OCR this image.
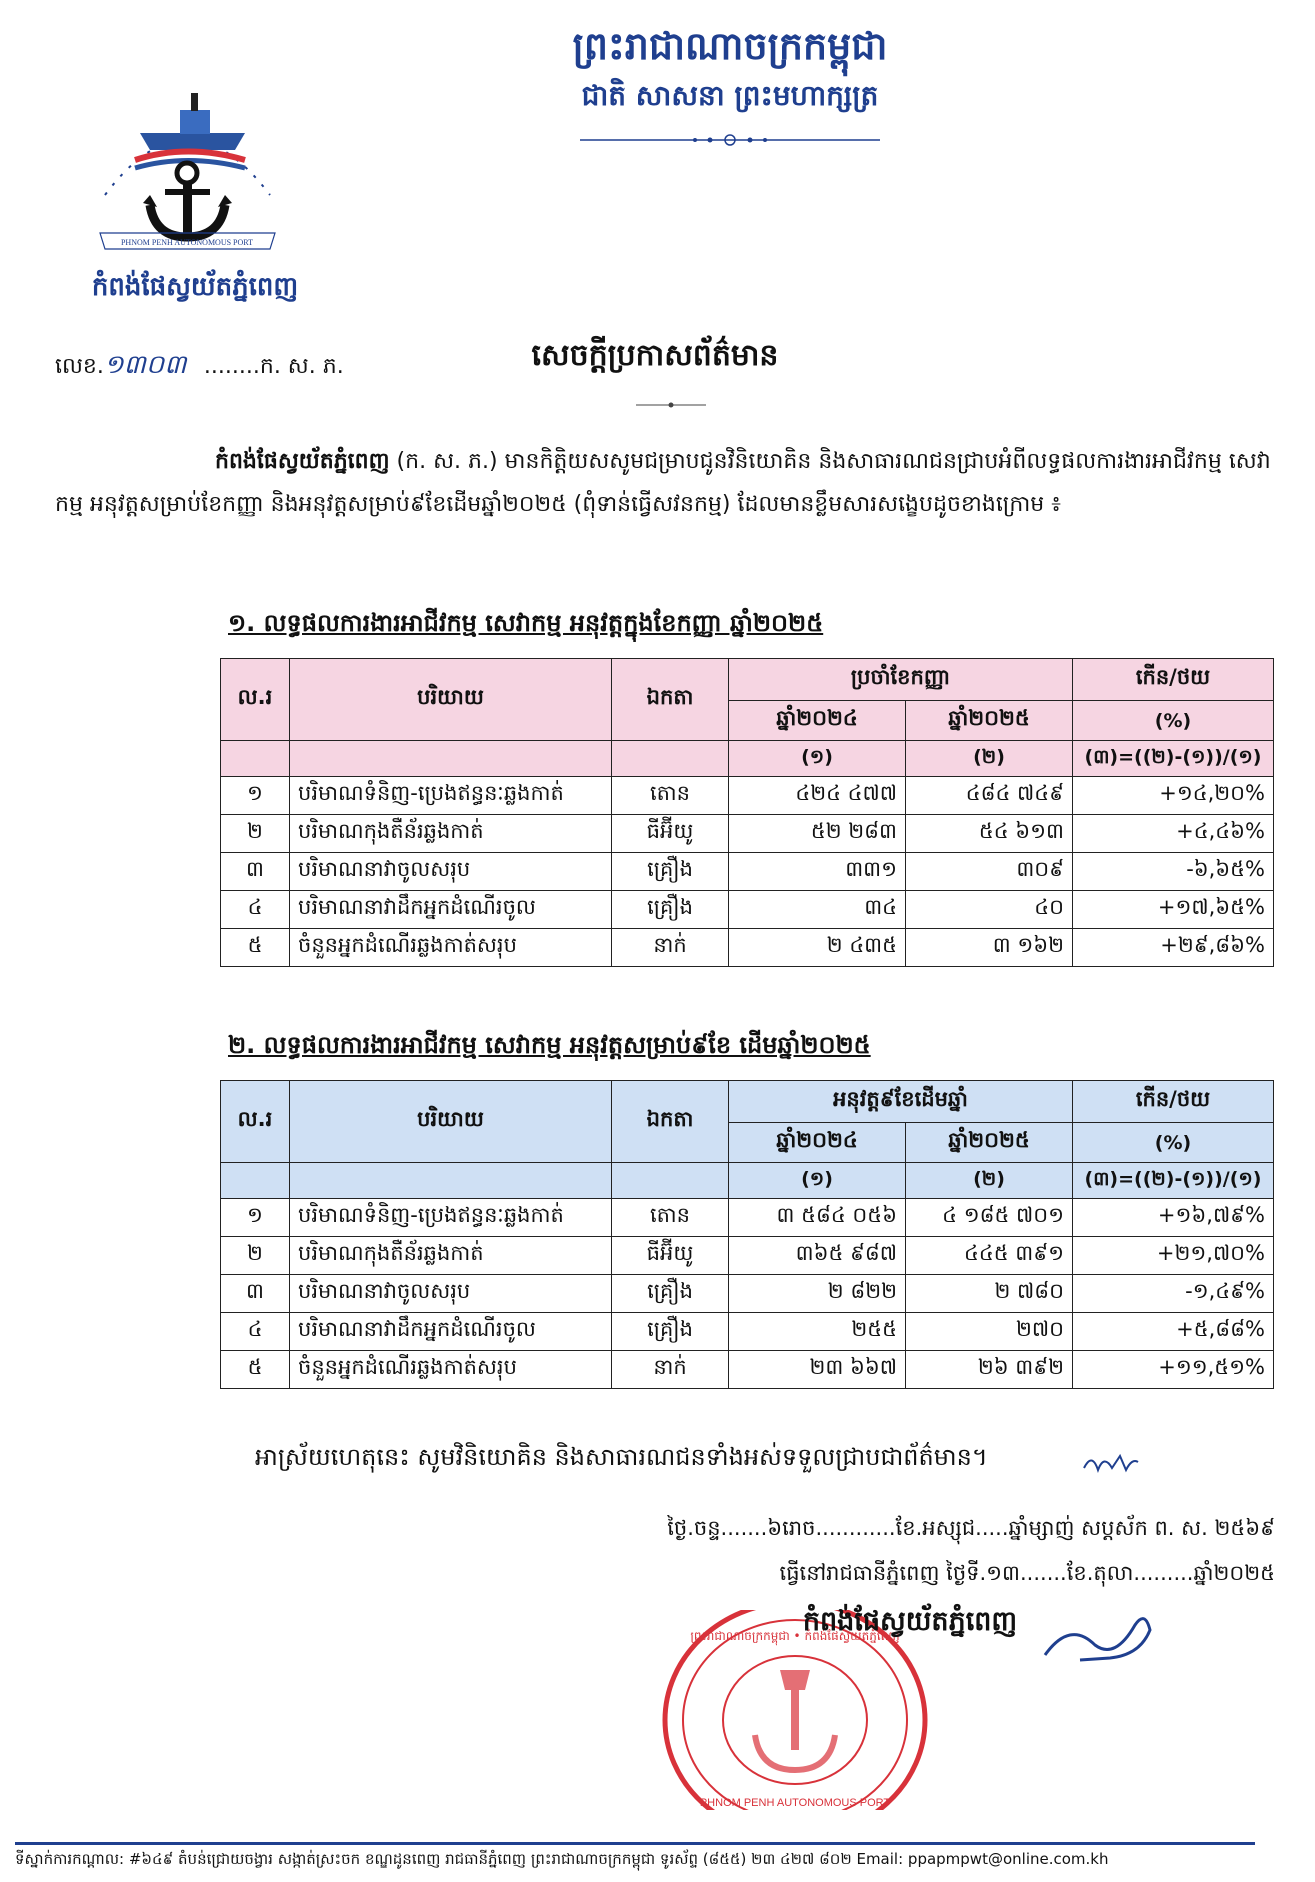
ព្រះរាជាណាចក្រកម្ពុជា
ជាតិ សាសនា ព្រះមហាក្សត្រ
PHNOM PENH AUTONOMOUS PORT
កំពង់ផែស្វយ័តភ្នំពេញ
លេខ.១៣០៣ ........ក. ស. ភ.	សេចក្តីប្រកាសព័ត៌មាន
កំពង់ផែស្វយ័តភ្នំពេញ (ក. ស. ភ.) មានកិត្តិយសសូមជម្រាបជូនវិនិយោគិន និងសាធារណជនជ្រាបអំពីលទ្ធផលការងារអាជីវកម្ម សេវាកម្ម អនុវត្តសម្រាប់ខែកញ្ញា និងអនុវត្តសម្រាប់៩ខែដើមឆ្នាំ២០២៥ (ពុំទាន់ធ្វើសវនកម្ម) ដែលមានខ្លឹមសារសង្ខេបដូចខាងក្រោម ៖
១. លទ្ធផលការងារអាជីវកម្ម សេវាកម្ម អនុវត្តក្នុងខែកញ្ញា ឆ្នាំ២០២៥
ល.រ	បរិយាយ	ឯកតា	ប្រចាំខែកញ្ញា		កើន/ថយ
			ឆ្នាំ២០២៤	ឆ្នាំ២០២៥	(%)
			(១)	(២)	(៣)=((២)-(១))/(១)
១	បរិមាណទំនិញ-ប្រេងឥន្ធនៈឆ្លងកាត់	តោន	៤២៤ ៤៧៧	៤៨៤ ៧៤៩	+១៤,២០%
២	បរិមាណកុងតឺន័រឆ្លងកាត់	ធីអ៊ីយូ	៥២ ២៨៣	៥៤ ៦១៣	+៤,៤៦%
៣	បរិមាណនាវាចូលសរុប	គ្រឿង	៣៣១	៣០៩	-៦,៦៥%
៤	បរិមាណនាវាដឹកអ្នកដំណើរចូល	គ្រឿង	៣៤	៤០	+១៧,៦៥%
៥	ចំនួនអ្នកដំណើរឆ្លងកាត់សរុប	នាក់	២ ៤៣៥	៣ ១៦២	+២៩,៨៦%
២. លទ្ធផលការងារអាជីវកម្ម សេវាកម្ម អនុវត្តសម្រាប់៩ខែ ដើមឆ្នាំ២០២៥
ល.រ	បរិយាយ	ឯកតា	អនុវត្ត៩ខែដើមឆ្នាំ		កើន/ថយ
			ឆ្នាំ២០២៤	ឆ្នាំ២០២៥	(%)
			(១)	(២)	(៣)=((២)-(១))/(១)
១	បរិមាណទំនិញ-ប្រេងឥន្ធនៈឆ្លងកាត់	តោន	៣ ៥៨៤ ០៥៦	៤ ១៨៥ ៧០១	+១៦,៧៩%
២	បរិមាណកុងតឺន័រឆ្លងកាត់	ធីអ៊ីយូ	៣៦៥ ៩៨៧	៤៤៥ ៣៩១	+២១,៧០%
៣	បរិមាណនាវាចូលសរុប	គ្រឿង	២ ៨២២	២ ៧៨០	-១,៤៩%
៤	បរិមាណនាវាដឹកអ្នកដំណើរចូល	គ្រឿង	២៥៥	២៧០	+៥,៨៨%
៥	ចំនួនអ្នកដំណើរឆ្លងកាត់សរុប	នាក់	២៣ ៦៦៧	២៦ ៣៩២	+១១,៥១%
អាស្រ័យហេតុនេះ សូមវិនិយោគិន និងសាធារណជនទាំងអស់ទទួលជ្រាបជាព័ត៌មាន។
ថ្ងៃ.ចន្ទ.......៦រោច............ខែ.អស្សុជ.....ឆ្នាំម្សាញ់ សប្តស័ក ព. ស. ២៥៦៩
ធ្វើនៅរាជធានីភ្នំពេញ ថ្ងៃទី.១៣.......ខែ.តុលា.........ឆ្នាំ២០២៥
ព្រះរាជាណាចក្រកម្ពុជា • កំពង់ផែស្វយ័តភ្នំពេញ
PHNOM PENH AUTONOMOUS PORT
កំពង់ផែស្វយ័តភ្នំពេញ
ទីស្នាក់ការកណ្តាល: #៦៤៩ តំបន់ជ្រោយចង្វារ សង្កាត់ស្រះចក ខណ្ឌដូនពេញ រាជធានីភ្នំពេញ ព្រះរាជាណាចក្រកម្ពុជា ទូរស័ព្ទ (៨៥៥) ២៣ ៤២៧ ៨០២ Email: ppapmpwt@online.com.kh
